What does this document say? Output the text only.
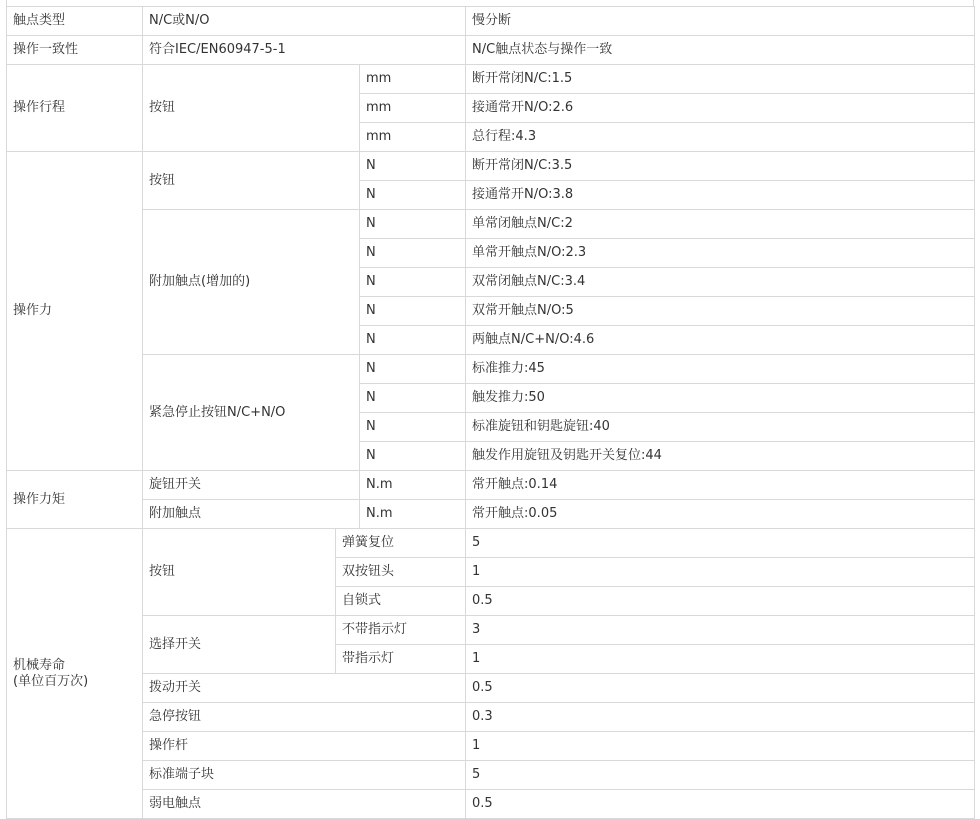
触点类型	N/C或N/O			慢分断
操作一致性	符合IEC/EN60947-5-1			N/C触点状态与操作一致
操作行程	按钮		mm	断开常闭N/C:1.5
			mm	接通常开N/O:2.6
			mm	总行程:4.3
操作力	按钮		N	断开常闭N/C:3.5
			N	接通常开N/O:3.8
	附加触点(增加的)		N	单常闭触点N/C:2
			N	单常开触点N/O:2.3
			N	双常闭触点N/C:3.4
			N	双常开触点N/O:5
			N	两触点N/C+N/O:4.6
	紧急停止按钮N/C+N/O		N	标准推力:45
			N	触发推力:50
			N	标准旋钮和钥匙旋钮:40
			N	触发作用旋钮及钥匙开关复位:44
操作力矩	旋钮开关		N.m	常开触点:0.14
	附加触点		N.m	常开触点:0.05
机械寿命
(单位百万次)	按钮	弹簧复位		5
		双按钮头		1
		自锁式		0.5
	选择开关	不带指示灯		3
		带指示灯		1
	拨动开关			0.5
	急停按钮			0.3
	操作杆			1
	标准端子块			5
	弱电触点			0.5
